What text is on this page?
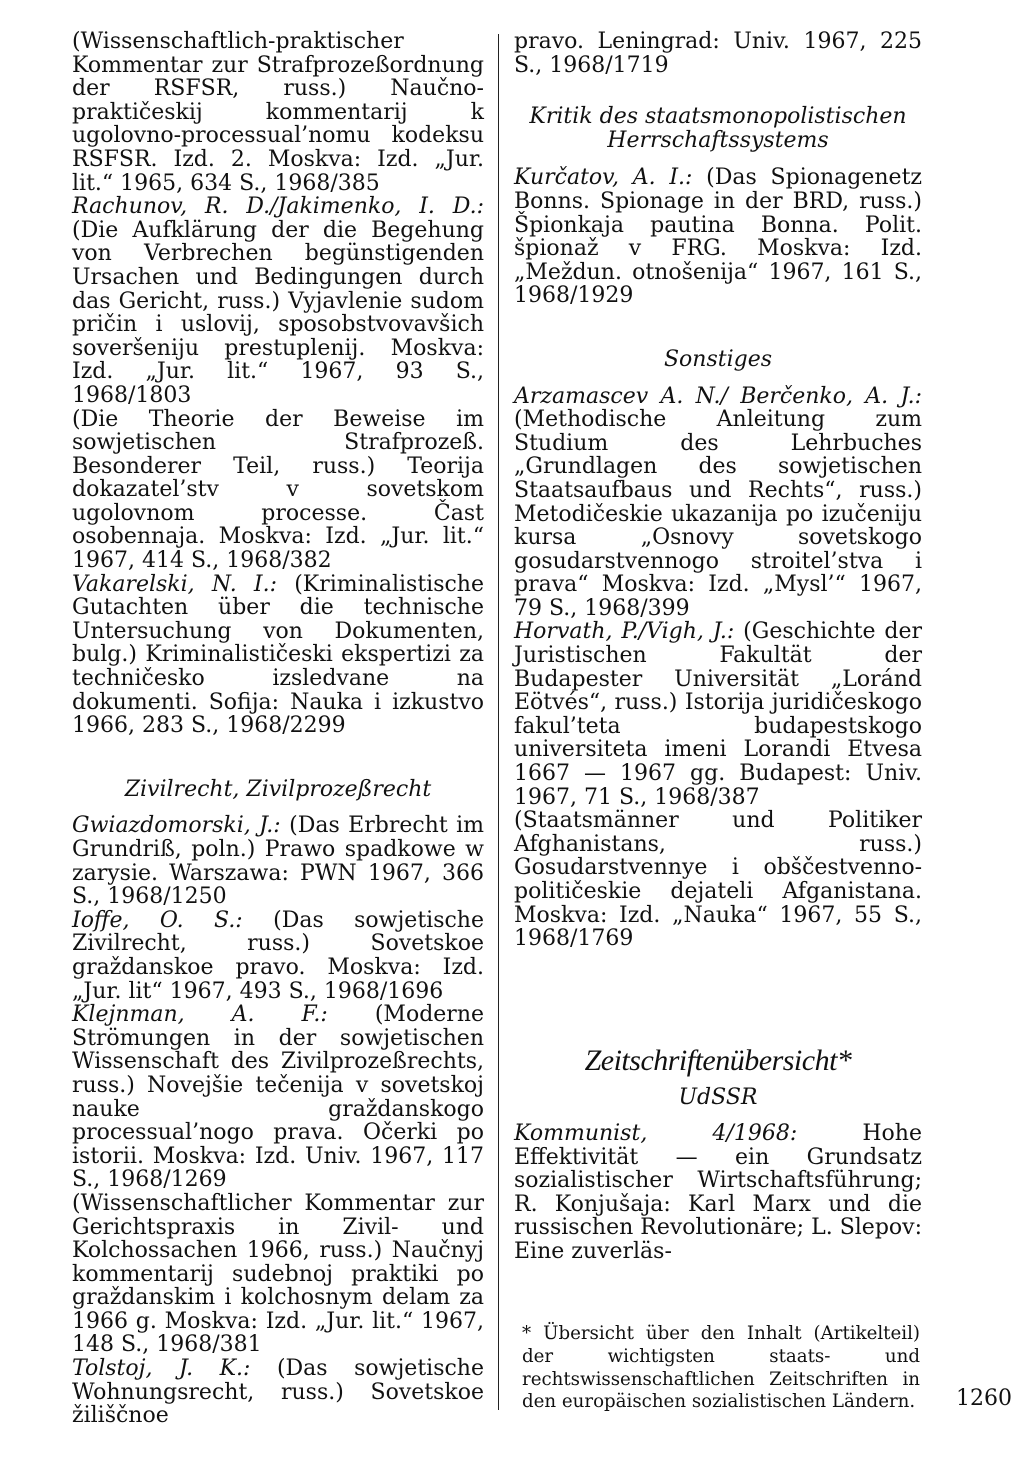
(Wissenschaftlich-praktischer Kommentar zur Strafprozeßordnung der RSFSR, russ.) Naučno-praktičeskij kommentarij k ugolovno-processual’nomu kodeksu RSFSR. Izd. 2. Moskva: Izd. „Jur. lit.“ 1965, 634 S., 1968/385

Rachunov, R. D./Jakimenko, I. D.: (Die Aufklärung der die Begehung von Verbrechen begünstigenden Ursachen und Bedingungen durch das Gericht, russ.) Vyjavlenie sudom pričin i uslovij, sposobstvovavšich soveršeniju prestuplenij. Moskva: Izd. „Jur. lit.“ 1967, 93 S., 1968/1803

(Die Theorie der Beweise im sowjetischen Strafprozeß. Besonderer Teil, russ.) Teorija dokazatel’stv v sovetskom ugolovnom processe. Čast osobennaja. Moskva: Izd. „Jur. lit.“ 1967, 414 S., 1968/382

Vakarelski, N. I.: (Kriminalistische Gutachten über die technische Untersuchung von Dokumenten, bulg.) Kriminalističeski ekspertizi za techničesko izsledvane na dokumenti. Sofija: Nauka i izkustvo 1966, 283 S., 1968/2299

Zivilrecht, Zivilprozeßrecht

Gwiazdomorski, J.: (Das Erbrecht im Grundriß, poln.) Prawo spadkowe w zarysie. Warszawa: PWN 1967, 366 S., 1968/1250

Ioffe, O. S.: (Das sowjetische Zivilrecht, russ.) Sovetskoe graždanskoe pravo. Moskva: Izd. „Jur. lit“ 1967, 493 S., 1968/1696

Klejnman, A. F.: (Moderne Strömungen in der sowjetischen Wissenschaft des Zivilprozeßrechts, russ.) Novejšie tečenija v sovetskoj nauke graždanskogo processual’nogo prava. Očerki po istorii. Moskva: Izd. Univ. 1967, 117 S., 1968/1269

(Wissenschaftlicher Kommentar zur Gerichtspraxis in Zivil- und Kolchossachen 1966, russ.) Naučnyj kommentarij sudebnoj praktiki po graždanskim i kolchosnym delam za 1966 g. Moskva: Izd. „Jur. lit.“ 1967, 148 S., 1968/381

Tolstoj, J. K.: (Das sowjetische Wohnungsrecht, russ.) Sovetskoe žiliščnoe

pravo. Leningrad: Univ. 1967, 225 S., 1968/1719

Kritik des staatsmonopolistischen Herrschaftssystems

Kurčatov, A. I.: (Das Spionagenetz Bonns. Spionage in der BRD, russ.) Špionkaja pautina Bonna. Polit. špionaž v FRG. Moskva: Izd. „Meždun. otnošenija“ 1967, 161 S., 1968/1929

Sonstiges

Arzamascev A. N./ Berčenko, A. J.: (Methodische Anleitung zum Studium des Lehrbuches „Grundlagen des sowjetischen Staatsaufbaus und Rechts“, russ.) Metodičeskie ukazanija po izučeniju kursa „Osnovy sovetskogo gosudarstvennogo stroitel’stva i prava“ Moskva: Izd. „Mysl’“ 1967, 79 S., 1968/399

Horvath, P./Vigh, J.: (Geschichte der Juristischen Fakultät der Budapester Universität „Loránd Eötvés“, russ.) Istorija juridičeskogo fakul’teta budapestskogo universiteta imeni Lorandi Etvesa 1667 — 1967 gg. Budapest: Univ. 1967, 71 S., 1968/387

(Staatsmänner und Politiker Afghanistans, russ.) Gosudarstvennye i obščestvenno-političeskie dejateli Afganistana. Moskva: Izd. „Nauka“ 1967, 55 S., 1968/1769

Zeitschriftenübersicht*

UdSSR

Kommunist, 4/1968: Hohe Effektivität — ein Grundsatz sozialistischer Wirtschaftsführung; R. Konjušaja: Karl Marx und die russischen Revolutionäre; L. Slepov: Eine zuverläs-

* Übersicht über den Inhalt (Artikelteil) der wichtigsten staats- und rechtswissenschaftlichen Zeitschriften in den europäischen sozialistischen Ländern. 1260
